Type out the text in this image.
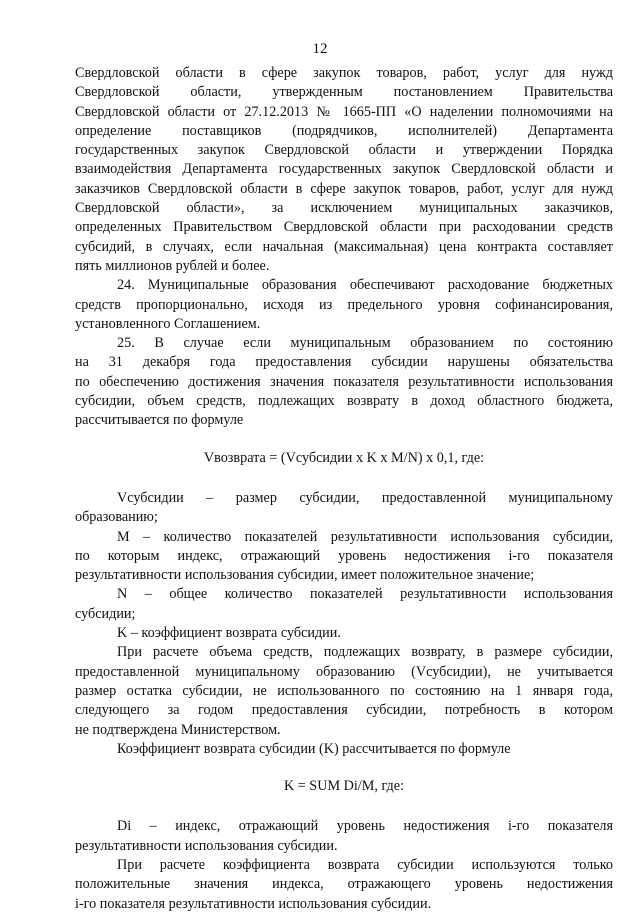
12
Свердловской области в сфере закупок товаров, работ, услуг для нужд
Свердловской области, утвержденным постановлением Правительства
Свердловской области от 27.12.2013 № 1665-ПП «О наделении полномочиями на
определение поставщиков (подрядчиков, исполнителей) Департамента
государственных закупок Свердловской области и утверждении Порядка
взаимодействия Департамента государственных закупок Свердловской области и
заказчиков Свердловской области в сфере закупок товаров, работ, услуг для нужд
Свердловской области», за исключением муниципальных заказчиков,
определенных Правительством Свердловской области при расходовании средств
субсидий, в случаях, если начальная (максимальная) цена контракта составляет
пять миллионов рублей и более.
24. Муниципальные образования обеспечивают расходование бюджетных
средств пропорционально, исходя из предельного уровня софинансирования,
установленного Соглашением.
25. В случае если муниципальным образованием по состоянию
на 31 декабря года предоставления субсидии нарушены обязательства
по обеспечению достижения значения показателя результативности использования
субсидии, объем средств, подлежащих возврату в доход областного бюджета,
рассчитывается по формуле
Vвозврата = (Vсубсидии x K x M/N) x 0,1, где:
Vсубсидии – размер субсидии, предоставленной муниципальному
образованию;
M – количество показателей результативности использования субсидии,
по которым индекс, отражающий уровень недостижения i-го показателя
результативности использования субсидии, имеет положительное значение;
N – общее количество показателей результативности использования
субсидии;
K – коэффициент возврата субсидии.
При расчете объема средств, подлежащих возврату, в размере субсидии,
предоставленной муниципальному образованию (Vсубсидии), не учитывается
размер остатка субсидии, не использованного по состоянию на 1 января года,
следующего за годом предоставления субсидии, потребность в котором
не подтверждена Министерством.
Коэффициент возврата субсидии (K) рассчитывается по формуле
K = SUM Di/M, где:
Di – индекс, отражающий уровень недостижения i-го показателя
результативности использования субсидии.
При расчете коэффициента возврата субсидии используются только
положительные значения индекса, отражающего уровень недостижения
i-го показателя результативности использования субсидии.
